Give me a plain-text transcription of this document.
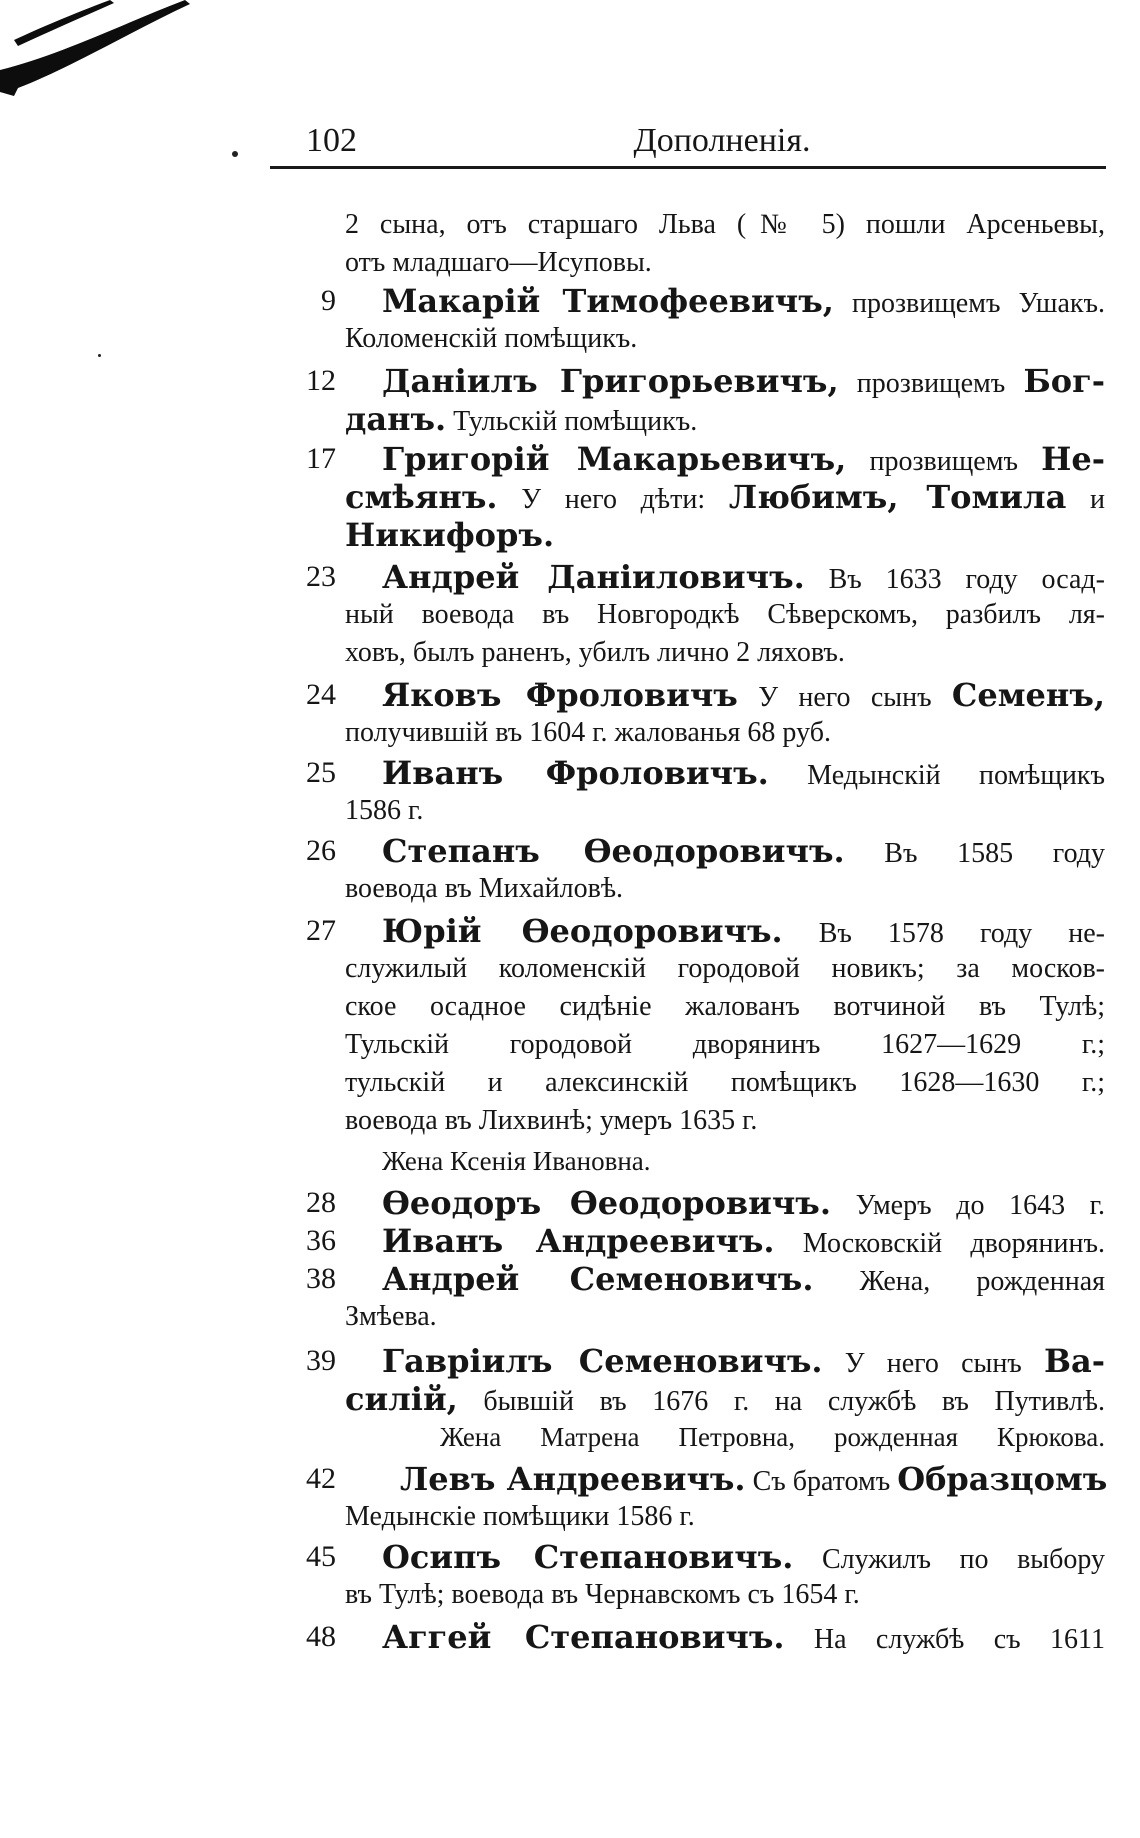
102	Дополненія.
2 сына, отъ старшаго Льва (№ 5) пошли Арсеньевы,
отъ младшаго—Исуповы.
9 Макарій Тимофеевичъ, прозвищемъ Ушакъ.
Коломенскій помѣщикъ.
12 Даніилъ Григорьевичъ, прозвищемъ Бог-
данъ. Тульскій помѣщикъ.
17 Григорій Макарьевичъ, прозвищемъ Не-
смѣянъ. У него дѣти: Любимъ, Томила и
Никифоръ.
23 Андрей Даніиловичъ. Въ 1633 году осад-
ный воевода въ Новгородкѣ Сѣверскомъ, разбилъ ля-
ховъ, былъ раненъ, убилъ лично 2 ляховъ.
24 Яковъ Фроловичъ У него сынъ Семенъ,
получившій въ 1604 г. жалованья 68 руб.
25 Иванъ Фроловичъ. Медынскій помѣщикъ
1586 г.
26 Степанъ Өеодоровичъ. Въ 1585 году
воевода въ Михайловѣ.
27 Юрій Өеодоровичъ. Въ 1578 году не-
служилый коломенскій городовой новикъ; за москов-
ское осадное сидѣніе жалованъ вотчиной въ Тулѣ;
Тульскій городовой дворянинъ 1627—1629 г.;
тульскій и алексинскій помѣщикъ 1628—1630 г.;
воевода въ Лихвинѣ; умеръ 1635 г.
Жена Ксенія Ивановна.
28 Өеодоръ Өеодоровичъ. Умеръ до 1643 г.
36 Иванъ Андреевичъ. Московскій дворянинъ.
38 Андрей Семеновичъ. Жена, рожденная
Змѣева.
39 Гавріилъ Семеновичъ. У него сынъ Ва-
силій, бывшій въ 1676 г. на службѣ въ Путивлѣ.
Жена Матрена Петровна, рожденная Крюкова.
42 Левъ Андреевичъ. Съ братомъ Образцомъ
Медынскіе помѣщики 1586 г.
45 Осипъ Степановичъ. Служилъ по выбору
въ Тулѣ; воевода въ Чернавскомъ съ 1654 г.
48 Аггей Степановичъ. На службѣ съ 1611
